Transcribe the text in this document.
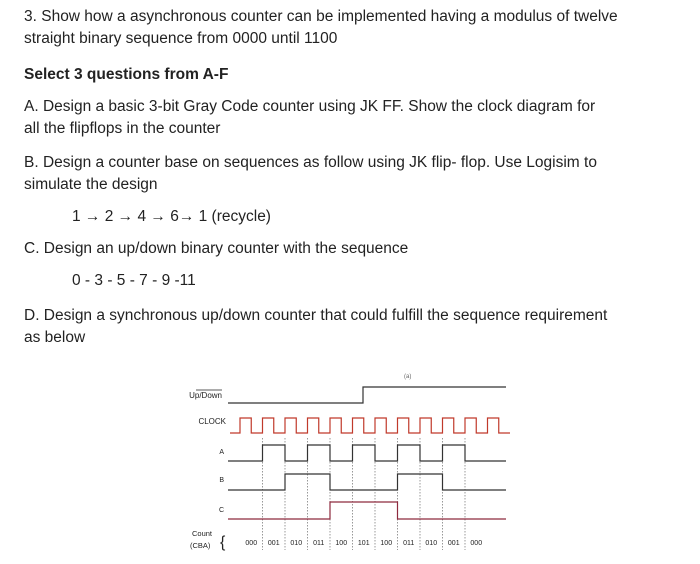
3. Show how a asynchronous counter can be implemented having a modulus of twelve
straight binary sequence from 0000 until 1100
Select 3 questions from A-F
A. Design a basic 3-bit Gray Code counter using JK FF. Show the clock diagram for
all the flipflops in the counter
B. Design a counter base on sequences as follow using JK flip- flop. Use Logisim to
simulate the design
1 → 2 → 4 → 6→ 1 (recycle)
C. Design an up/down binary counter with the sequence
0 - 3 - 5 - 7 - 9 -11
D. Design a synchronous up/down counter that could fulfill the sequence requirement
as below
(a)
Up/Down
CLOCK
A
B
C
Count
(CBA) {	000 001 010 011 100 101 100 011 010 001 000
